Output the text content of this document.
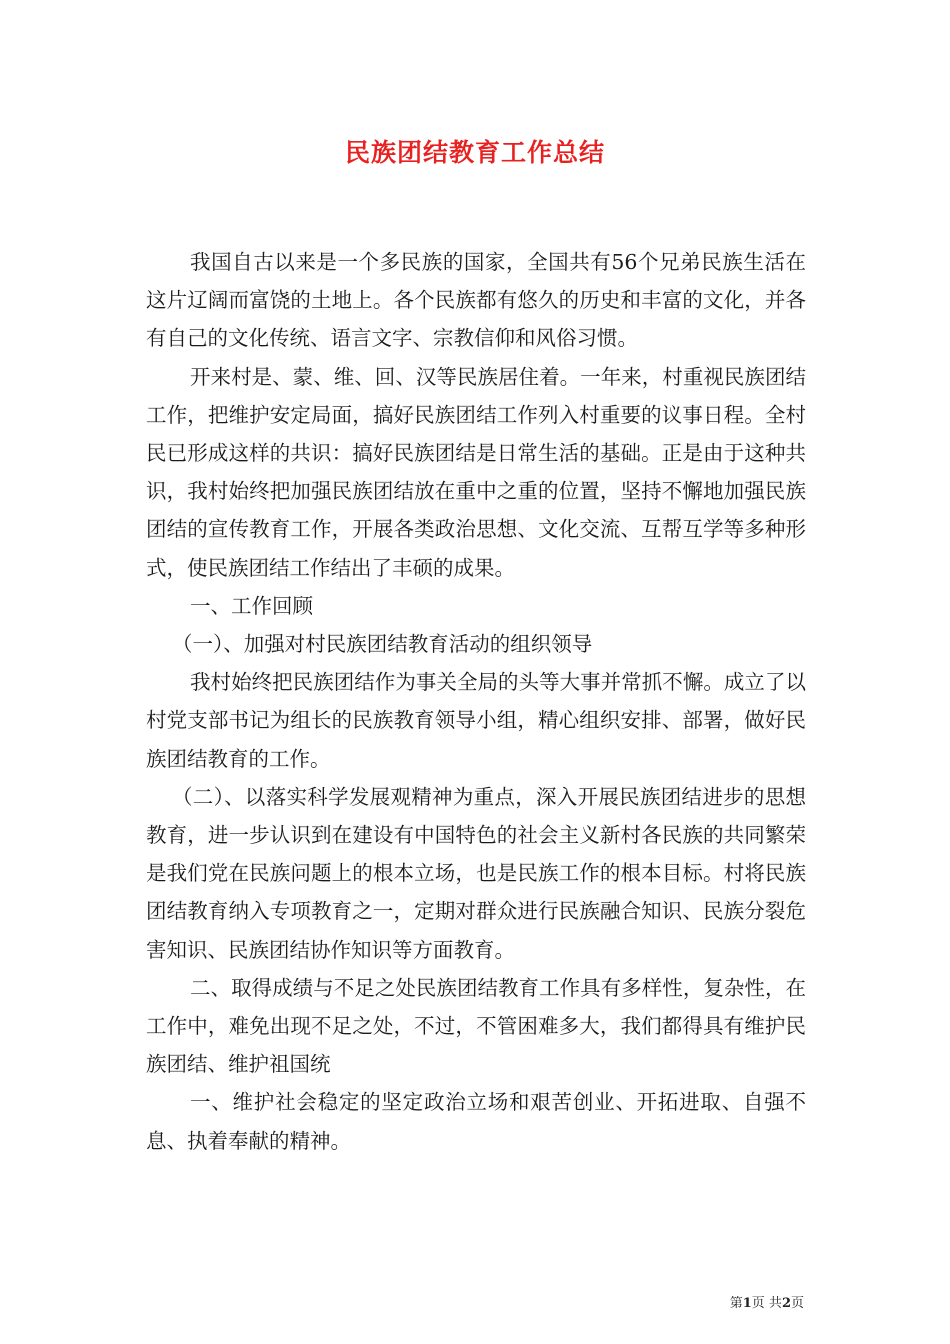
民族团结教育工作总结

我国自古以来是一个多民族的国家，全国共有56个兄弟民族生活在这片辽阔而富饶的土地上。各个民族都有悠久的历史和丰富的文化，并各有自己的文化传统、语言文字、宗教信仰和风俗习惯。

开来村是、蒙、维、回、汉等民族居住着。一年来，村重视民族团结工作，把维护安定局面，搞好民族团结工作列入村重要的议事日程。全村民已形成这样的共识：搞好民族团结是日常生活的基础。正是由于这种共识，我村始终把加强民族团结放在重中之重的位置，坚持不懈地加强民族团结的宣传教育工作，开展各类政治思想、文化交流、互帮互学等多种形式，使民族团结工作结出了丰硕的成果。

一、工作回顾

（一）、加强对村民族团结教育活动的组织领导

我村始终把民族团结作为事关全局的头等大事并常抓不懈。成立了以村党支部书记为组长的民族教育领导小组，精心组织安排、部署，做好民族团结教育的工作。

（二）、以落实科学发展观精神为重点，深入开展民族团结进步的思想教育，进一步认识到在建设有中国特色的社会主义新村各民族的共同繁荣是我们党在民族问题上的根本立场，也是民族工作的根本目标。村将民族团结教育纳入专项教育之一，定期对群众进行民族融合知识、民族分裂危害知识、民族团结协作知识等方面教育。

二、取得成绩与不足之处民族团结教育工作具有多样性，复杂性，在工作中，难免出现不足之处，不过，不管困难多大，我们都得具有维护民族团结、维护祖国统

一、维护社会稳定的坚定政治立场和艰苦创业、开拓进取、自强不息、执着奉献的精神。

第1页 共2页
